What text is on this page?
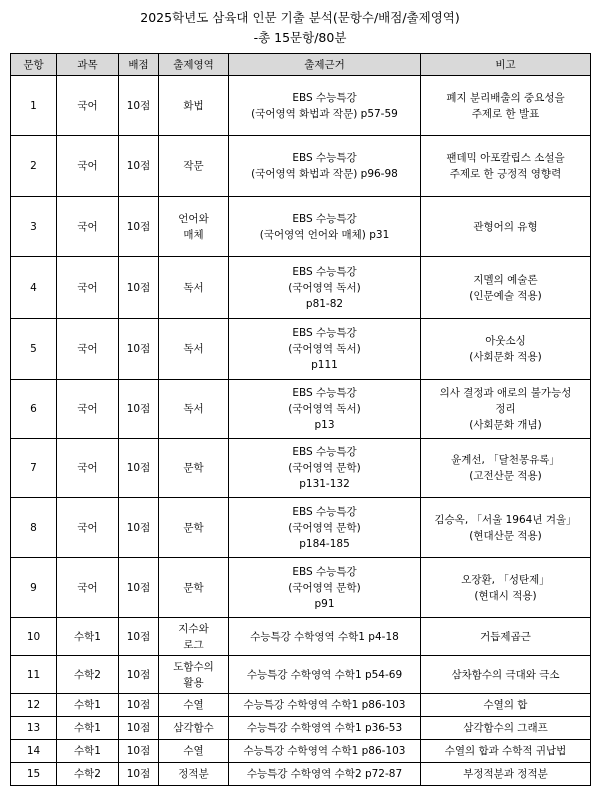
2025학년도 삼육대 인문 기출 분석(문항수/배점/출제영역)
-총 15문항/80분
문항	과목	배점	출제영역	출제근거	비고
1	국어	10점	화법	EBS 수능특강
(국어영역 화법과 작문) p57-59	폐지 분리배출의 중요성을
주제로 한 발표
2	국어	10점	작문	EBS 수능특강
(국어영역 화법과 작문) p96-98	팬데믹 아포칼립스 소설을
주제로 한 긍정적 영향력
3	국어	10점	언어와
매체	EBS 수능특강
(국어영역 언어와 매체) p31	관형어의 유형
4	국어	10점	독서	EBS 수능특강
(국어영역 독서)
p81-82	지멜의 예술론
(인문예술 적용)
5	국어	10점	독서	EBS 수능특강
(국어영역 독서)
p111	아웃소싱
(사회문화 적용)
6	국어	10점	독서	EBS 수능특강
(국어영역 독서)
p13	의사 결정과 애로의 불가능성
정리
(사회문화 개념)
7	국어	10점	문학	EBS 수능특강
(국어영역 문학)
p131-132	윤계선, 「달천몽유록」
(고전산문 적용)
8	국어	10점	문학	EBS 수능특강
(국어영역 문학)
p184-185	김승옥, 「서울 1964년 겨울」
(현대산문 적용)
9	국어	10점	문학	EBS 수능특강
(국어영역 문학)
p91	오장환, 「성탄제」
(현대시 적용)
10	수학1	10점	지수와
로그	수능특강 수학영역 수학1 p4-18	거듭제곱근
11	수학2	10점	도함수의
활용	수능특강 수학영역 수학1 p54-69	삼차함수의 극대와 극소
12	수학1	10점	수열	수능특강 수학영역 수학1 p86-103	수열의 합
13	수학1	10점	삼각함수	수능특강 수학영역 수학1 p36-53	삼각함수의 그래프
14	수학1	10점	수열	수능특강 수학영역 수학1 p86-103	수열의 합과 수학적 귀납법
15	수학2	10점	정적분	수능특강 수학영역 수학2 p72-87	부정적분과 정적분
